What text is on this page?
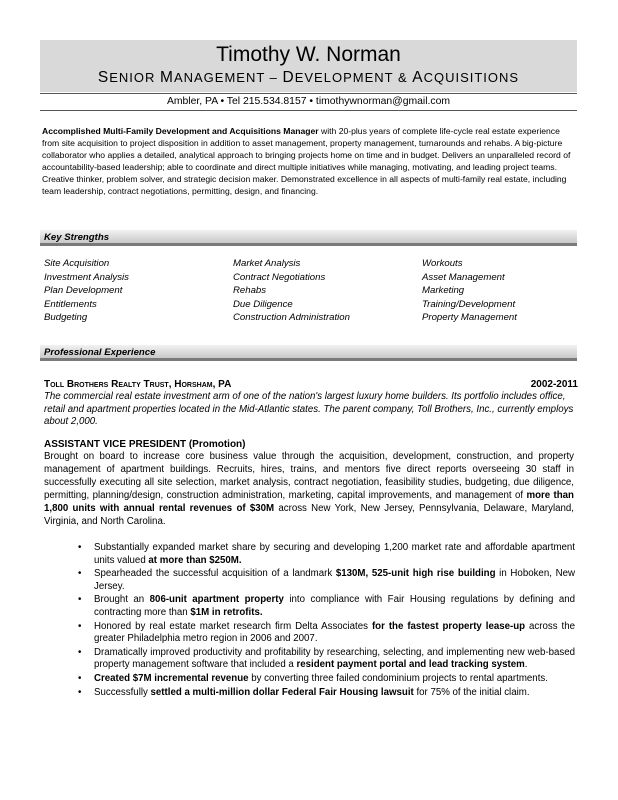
Timothy W. Norman
SENIOR MANAGEMENT – DEVELOPMENT & ACQUISITIONS
Ambler, PA • Tel 215.534.8157 • timothywnorman@gmail.com
Accomplished Multi-Family Development and Acquisitions Manager with 20-plus years of complete life-cycle real estate experience from site acquisition to project disposition in addition to asset management, property management, turnarounds and rehabs. A big-picture collaborator who applies a detailed, analytical approach to bringing projects home on time and in budget. Delivers an unparalleled record of accountability-based leadership; able to coordinate and direct multiple initiatives while managing, motivating, and leading project teams. Creative thinker, problem solver, and strategic decision maker. Demonstrated excellence in all aspects of multi-family real estate, including team leadership, contract negotiations, permitting, design, and financing.
Key Strengths
Site Acquisition
Investment Analysis
Plan Development
Entitlements
Budgeting
Market Analysis
Contract Negotiations
Rehabs
Due Diligence
Construction Administration
Workouts
Asset Management
Marketing
Training/Development
Property Management
Professional Experience
Toll Brothers Realty Trust, Horsham, PA	2002-2011
The commercial real estate investment arm of one of the nation's largest luxury home builders. Its portfolio includes office, retail and apartment properties located in the Mid-Atlantic states. The parent company, Toll Brothers, Inc., currently employs about 2,000.
ASSISTANT VICE PRESIDENT (Promotion)
Brought on board to increase core business value through the acquisition, development, construction, and property management of apartment buildings. Recruits, hires, trains, and mentors five direct reports overseeing 30 staff in successfully executing all site selection, market analysis, contract negotiation, feasibility studies, budgeting, due diligence, permitting, planning/design, construction administration, marketing, capital improvements, and management of more than 1,800 units with annual rental revenues of $30M across New York, New Jersey, Pennsylvania, Delaware, Maryland, Virginia, and North Carolina.
• Substantially expanded market share by securing and developing 1,200 market rate and affordable apartment units valued at more than $250M.
• Spearheaded the successful acquisition of a landmark $130M, 525-unit high rise building in Hoboken, New Jersey.
• Brought an 806-unit apartment property into compliance with Fair Housing regulations by defining and contracting more than $1M in retrofits.
• Honored by real estate market research firm Delta Associates for the fastest property lease-up across the greater Philadelphia metro region in 2006 and 2007.
• Dramatically improved productivity and profitability by researching, selecting, and implementing new web-based property management software that included a resident payment portal and lead tracking system.
• Created $7M incremental revenue by converting three failed condominium projects to rental apartments.
• Successfully settled a multi-million dollar Federal Fair Housing lawsuit for 75% of the initial claim.
